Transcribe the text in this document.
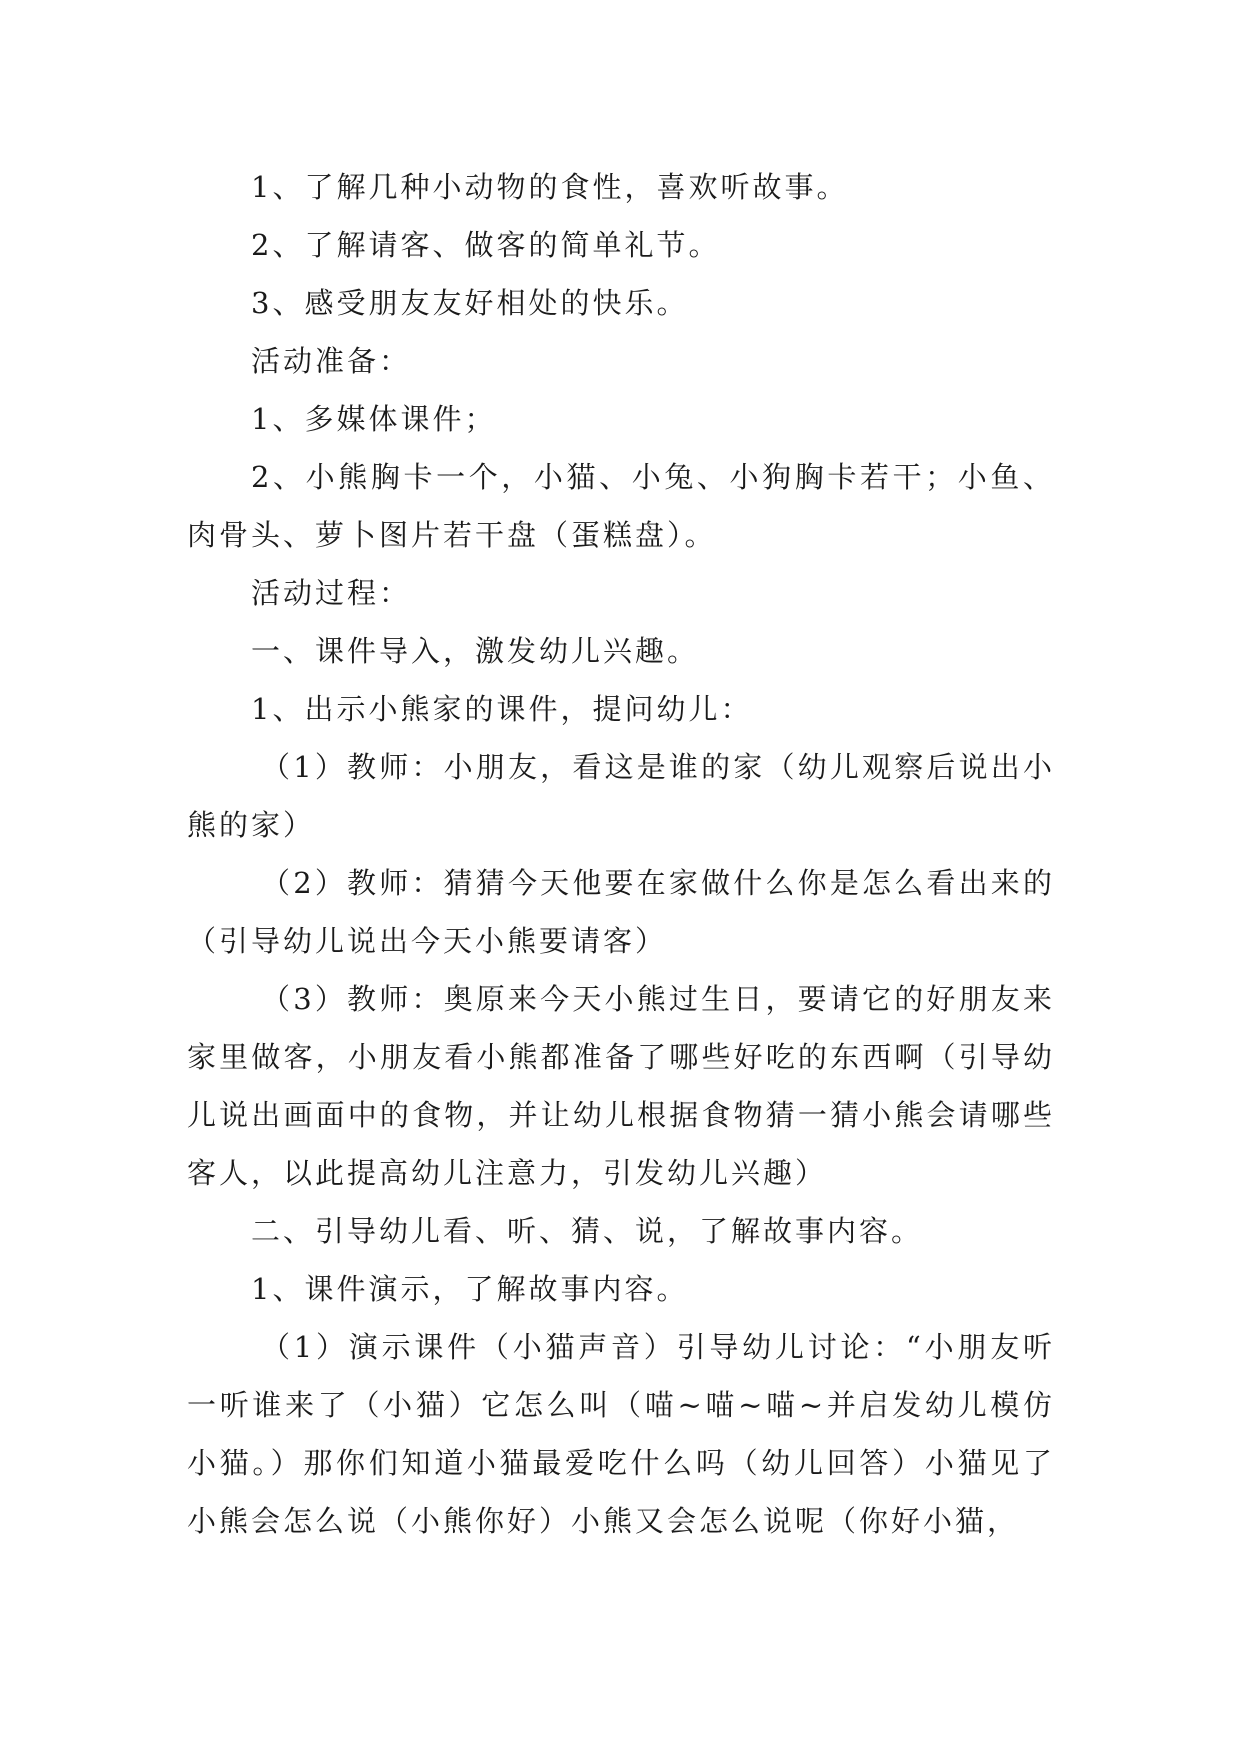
1、了解几种小动物的食性，喜欢听故事。

2、了解请客、做客的简单礼节。

3、感受朋友友好相处的快乐。

活动准备：

1、多媒体课件；

2、小熊胸卡一个，小猫、小兔、小狗胸卡若干；小鱼、肉骨头、萝卜图片若干盘（蛋糕盘）。

活动过程：

一、课件导入，激发幼儿兴趣。

1、出示小熊家的课件，提问幼儿：

（1）教师：小朋友，看这是谁的家（幼儿观察后说出小熊的家）

（2）教师：猜猜今天他要在家做什么你是怎么看出来的（引导幼儿说出今天小熊要请客）

（3）教师：奥原来今天小熊过生日，要请它的好朋友来家里做客，小朋友看小熊都准备了哪些好吃的东西啊（引导幼儿说出画面中的食物，并让幼儿根据食物猜一猜小熊会请哪些客人，以此提高幼儿注意力，引发幼儿兴趣）

二、引导幼儿看、听、猜、说，了解故事内容。

1、课件演示，了解故事内容。

（1）演示课件（小猫声音）引导幼儿讨论：“小朋友听一听谁来了（小猫）它怎么叫（喵~喵~喵~并启发幼儿模仿小猫。）那你们知道小猫最爱吃什么吗（幼儿回答）小猫见了小熊会怎么说（小熊你好）小熊又会怎么说呢（你好小猫，
